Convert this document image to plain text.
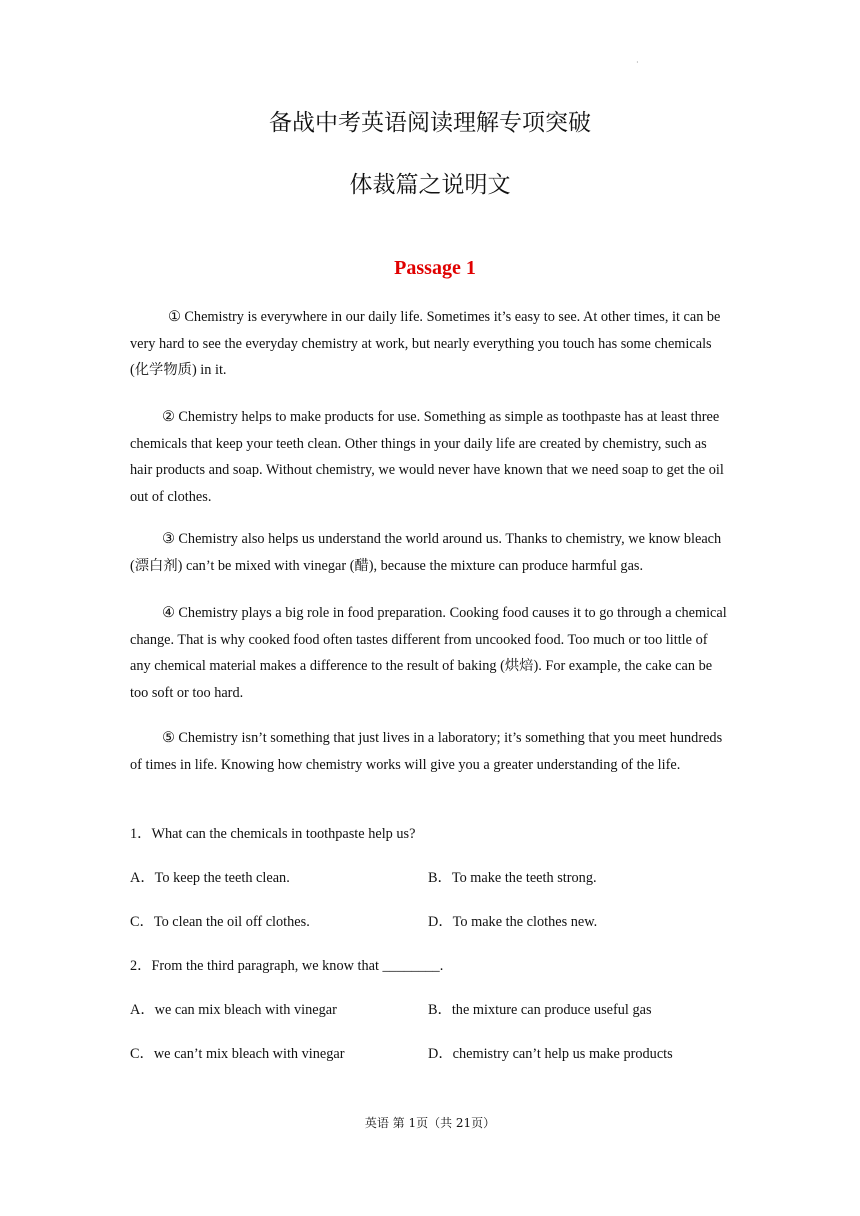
·
备战中考英语阅读理解专项突破
体裁篇之说明文
Passage 1

① Chemistry is everywhere in our daily life. Sometimes it’s easy to see. At other times, it can be very hard to see the everyday chemistry at work, but nearly everything you touch has some chemicals (化学物质) in it.

② Chemistry helps to make products for use. Something as simple as toothpaste has at least three chemicals that keep your teeth clean. Other things in your daily life are created by chemistry, such as hair products and soap. Without chemistry, we would never have known that we need soap to get the oil out of clothes.

③ Chemistry also helps us understand the world around us. Thanks to chemistry, we know bleach (漂白剂) can’t be mixed with vinegar (醋), because the mixture can produce harmful gas.

④ Chemistry plays a big role in food preparation. Cooking food causes it to go through a chemical change. That is why cooked food often tastes different from uncooked food. Too much or too little of any chemical material makes a difference to the result of baking (烘焙). For example, the cake can be too soft or too hard.

⑤ Chemistry isn’t something that just lives in a laboratory; it’s something that you meet hundreds of times in life. Knowing how chemistry works will give you a greater understanding of the life.

1．What can the chemicals in toothpaste help us?
A．To keep the teeth clean.	B．To make the teeth strong.
C．To clean the oil off clothes.	D．To make the clothes new.
2．From the third paragraph, we know that ________.
A．we can mix bleach with vinegar	B．the mixture can produce useful gas
C．we can’t mix bleach with vinegar	D．chemistry can’t help us make products
英语 第 1页（共 21页）
